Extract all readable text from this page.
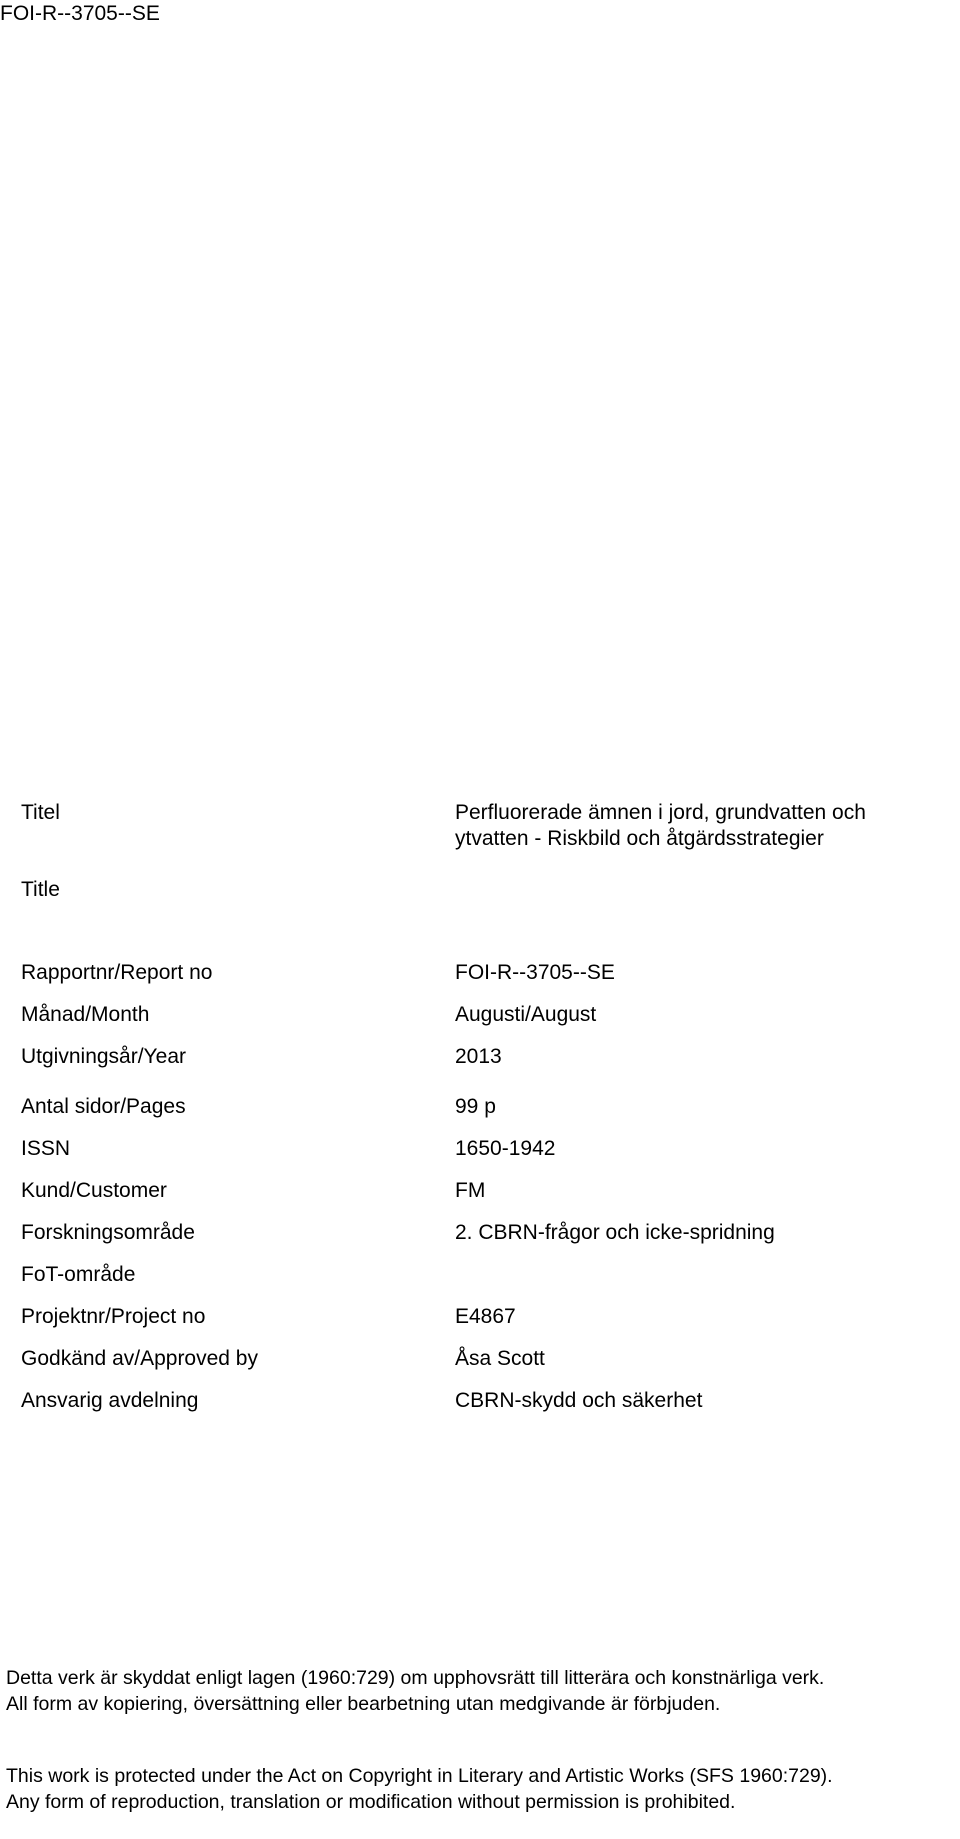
FOI-R--3705--SE
Titel	Perfluorerade ämnen i jord, grundvatten och
ytvatten - Riskbild och åtgärdsstrategier
Title
Rapportnr/Report no	FOI-R--3705--SE
Månad/Month	Augusti/August
Utgivningsår/Year	2013
Antal sidor/Pages	99 p
ISSN	1650-1942
Kund/Customer	FM
Forskningsområde	2. CBRN-frågor och icke-spridning
FoT-område
Projektnr/Project no	E4867
Godkänd av/Approved by	Åsa Scott
Ansvarig avdelning	CBRN-skydd och säkerhet

Detta verk är skyddat enligt lagen (1960:729) om upphovsrätt till litterära och konstnärliga verk.

All form av kopiering, översättning eller bearbetning utan medgivande är förbjuden.

This work is protected under the Act on Copyright in Literary and Artistic Works (SFS 1960:729).

Any form of reproduction, translation or modification without permission is prohibited.
